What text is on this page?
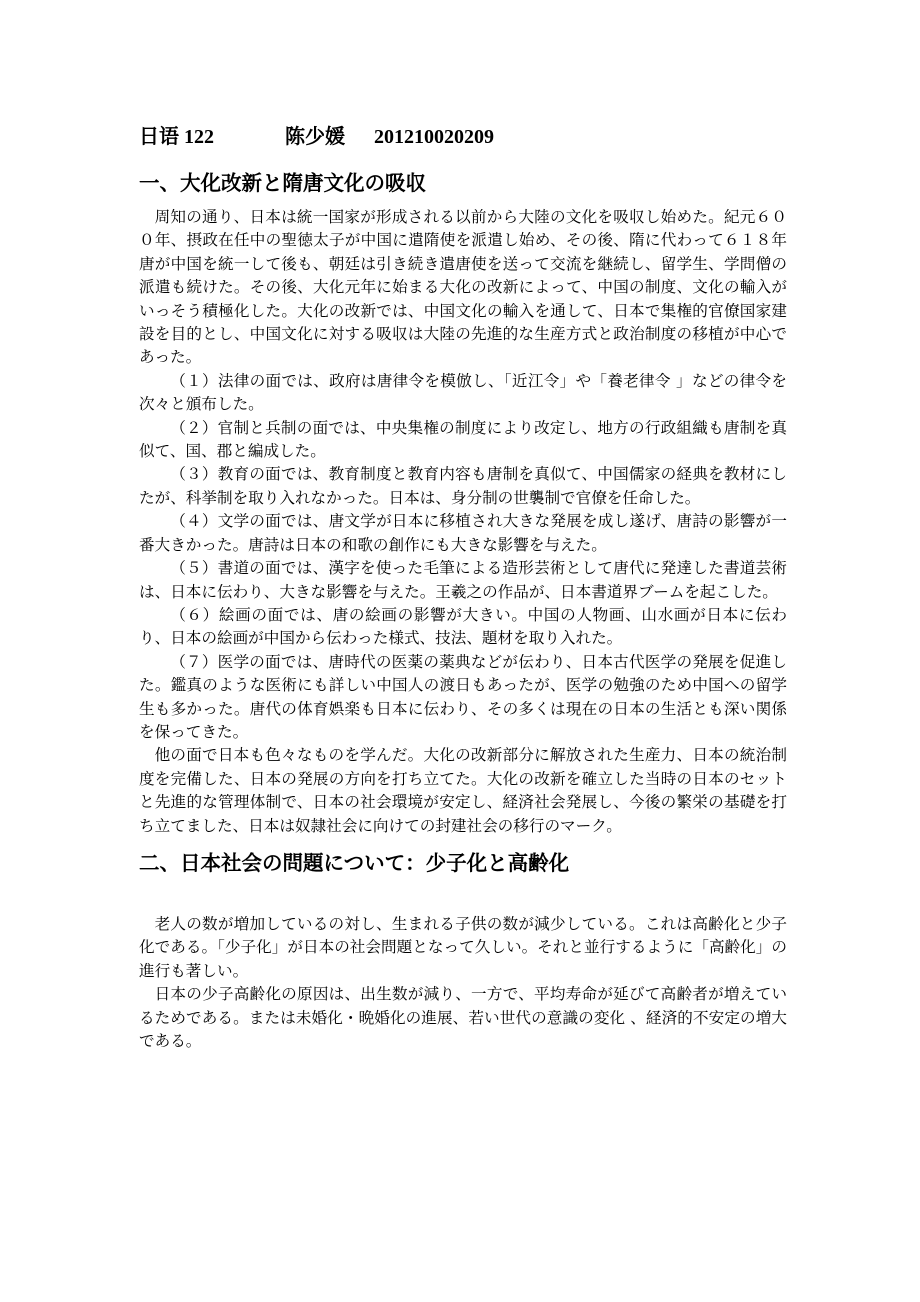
日语 122	陈少媛 201210020209
一、大化改新と隋唐文化の吸収

周知の通り、日本は統一国家が形成される以前から大陸の文化を吸収し始めた。紀元６００年、摂政在任中の聖徳太子が中国に遣隋使を派遣し始め、その後、隋に代わって６１８年唐が中国を統一して後も、朝廷は引き続き遣唐使を送って交流を継続し、留学生、学問僧の派遣も続けた。その後、大化元年に始まる大化の改新によって、中国の制度、文化の輸入がいっそう積極化した。大化の改新では、中国文化の輸入を通して、日本で集権的官僚国家建設を目的とし、中国文化に対する吸収は大陸の先進的な生産方式と政治制度の移植が中心であった。

（１）法律の面では、政府は唐律令を模倣し、「近江令」や「養老律令 」などの律令を次々と頒布した。

（２）官制と兵制の面では、中央集権の制度により改定し、地方の行政組織も唐制を真似て、国、郡と編成した。

（３）教育の面では、教育制度と教育内容も唐制を真似て、中国儒家の経典を教材にしたが、科挙制を取り入れなかった。日本は、身分制の世襲制で官僚を任命した。

（４）文学の面では、唐文学が日本に移植され大きな発展を成し遂げ、唐詩の影響が一番大きかった。唐詩は日本の和歌の創作にも大きな影響を与えた。

（５）書道の面では、漢字を使った毛筆による造形芸術として唐代に発達した書道芸術は、日本に伝わり、大きな影響を与えた。王羲之の作品が、日本書道界ブームを起こした。

（６）絵画の面では、唐の絵画の影響が大きい。中国の人物画、山水画が日本に伝わり、日本の絵画が中国から伝わった様式、技法、題材を取り入れた。

（７）医学の面では、唐時代の医薬の薬典などが伝わり、日本古代医学の発展を促進した。鑑真のような医術にも詳しい中国人の渡日もあったが、医学の勉強のため中国への留学生も多かった。唐代の体育娯楽も日本に伝わり、その多くは現在の日本の生活とも深い関係を保ってきた。

他の面で日本も色々なものを学んだ。大化の改新部分に解放された生産力、日本の統治制度を完備した、日本の発展の方向を打ち立てた。大化の改新を確立した当時の日本のセットと先進的な管理体制で、日本の社会環境が安定し、経済社会発展し、今後の繁栄の基礎を打ち立てました、日本は奴隷社会に向けての封建社会の移行のマーク。

二、日本社会の問題について：少子化と高齢化

老人の数が増加しているの対し、生まれる子供の数が減少している。これは高齢化と少子化である。「少子化」が日本の社会問題となって久しい。それと並行するように「高齢化」の進行も著しい。

日本の少子高齢化の原因は、出生数が減り、一方で、平均寿命が延びて高齢者が増えているためである。または未婚化・晩婚化の進展、若い世代の意識の変化 、経済的不安定の増大である。
